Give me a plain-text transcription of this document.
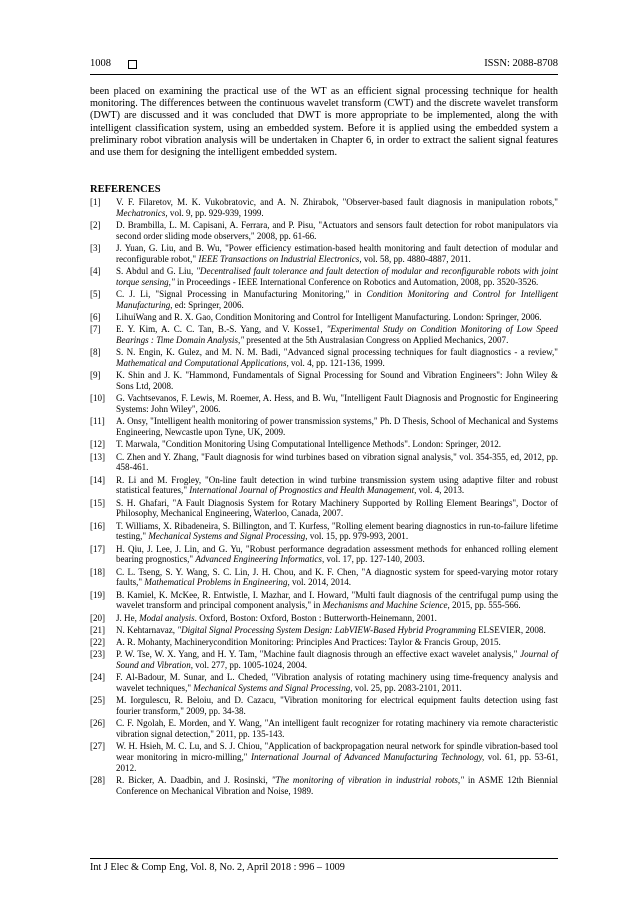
1008	ISSN: 2088-8708

been placed on examining the practical use of the WT as an efficient signal processing technique for health monitoring. The differences between the continuous wavelet transform (CWT) and the discrete wavelet transform (DWT) are discussed and it was concluded that DWT is more appropriate to be implemented, along the with intelligent classification system, using an embedded system. Before it is applied using the embedded system a preliminary robot vibration analysis will be undertaken in Chapter 6, in order to extract the salient signal features and use them for designing the intelligent embedded system.

REFERENCES
[1]	V. F. Filaretov, M. K. Vukobratovic, and A. N. Zhirabok, "Observer-based fault diagnosis in manipulation robots," Mechatronics, vol. 9, pp. 929-939, 1999.
[2]	D. Brambilla, L. M. Capisani, A. Ferrara, and P. Pisu, "Actuators and sensors fault detection for robot manipulators via second order sliding mode observers," 2008, pp. 61-66.
[3]	J. Yuan, G. Liu, and B. Wu, "Power efficiency estimation-based health monitoring and fault detection of modular and reconfigurable robot," IEEE Transactions on Industrial Electronics, vol. 58, pp. 4880-4887, 2011.
[4]	S. Abdul and G. Liu, "Decentralised fault tolerance and fault detection of modular and reconfigurable robots with joint torque sensing," in Proceedings - IEEE International Conference on Robotics and Automation, 2008, pp. 3520-3526.
[5]	C. J. Li, "Signal Processing in Manufacturing Monitoring," in Condition Monitoring and Control for Intelligent Manufacturing, ed: Springer, 2006.
[6]	LihuiWang and R. X. Gao, Condition Monitoring and Control for Intelligent Manufacturing. London: Springer, 2006.
[7]	E. Y. Kim, A. C. C. Tan, B.-S. Yang, and V. Kosse1, "Experimental Study on Condition Monitoring of Low Speed Bearings : Time Domain Analysis," presented at the 5th Australasian Congress on Applied Mechanics, 2007.
[8]	S. N. Engin, K. Gulez, and M. N. M. Badi, "Advanced signal processing techniques for fault diagnostics - a review," Mathematical and Computational Applications, vol. 4, pp. 121-136, 1999.
[9]	K. Shin and J. K. "Hammond, Fundamentals of Signal Processing for Sound and Vibration Engineers": John Wiley & Sons Ltd, 2008.
[10]	G. Vachtsevanos, F. Lewis, M. Roemer, A. Hess, and B. Wu, "Intelligent Fault Diagnosis and Prognostic for Engineering Systems: John Wiley", 2006.
[11]	A. Onsy, "Intelligent health monitoring of power transmission systems," Ph. D Thesis, School of Mechanical and Systems Engineering, Newcastle upon Tyne, UK, 2009.
[12]	T. Marwala, "Condition Monitoring Using Computational Intelligence Methods". London: Springer, 2012.
[13]	C. Zhen and Y. Zhang, "Fault diagnosis for wind turbines based on vibration signal analysis," vol. 354-355, ed, 2012, pp. 458-461.
[14]	R. Li and M. Frogley, "On-line fault detection in wind turbine transmission system using adaptive filter and robust statistical features," International Journal of Prognostics and Health Management, vol. 4, 2013.
[15]	S. H. Ghafari, "A Fault Diagnosis System for Rotary Machinery Supported by Rolling Element Bearings", Doctor of Philosophy, Mechanical Engineering, Waterloo, Canada, 2007.
[16]	T. Williams, X. Ribadeneira, S. Billington, and T. Kurfess, "Rolling element bearing diagnostics in run-to-failure lifetime testing," Mechanical Systems and Signal Processing, vol. 15, pp. 979-993, 2001.
[17]	H. Qiu, J. Lee, J. Lin, and G. Yu, "Robust performance degradation assessment methods for enhanced rolling element bearing prognostics," Advanced Engineering Informatics, vol. 17, pp. 127-140, 2003.
[18]	C. L. Tseng, S. Y. Wang, S. C. Lin, J. H. Chou, and K. F. Chen, "A diagnostic system for speed-varying motor rotary faults," Mathematical Problems in Engineering, vol. 2014, 2014.
[19]	B. Kamiel, K. McKee, R. Entwistle, I. Mazhar, and I. Howard, "Multi fault diagnosis of the centrifugal pump using the wavelet transform and principal component analysis," in Mechanisms and Machine Science, 2015, pp. 555-566.
[20]	J. He, Modal analysis. Oxford, Boston: Oxford, Boston : Butterworth-Heinemann, 2001.
[21]	N. Kehtarnavaz, "Digital Signal Processing System Design: LabVIEW-Based Hybrid Programming ELSEVIER, 2008.
[22]	A. R. Mohanty, Machinerycondition Monitoring: Principles And Practices: Taylor & Francis Group, 2015.
[23]	P. W. Tse, W. X. Yang, and H. Y. Tam, "Machine fault diagnosis through an effective exact wavelet analysis," Journal of Sound and Vibration, vol. 277, pp. 1005-1024, 2004.
[24]	F. Al-Badour, M. Sunar, and L. Cheded, "Vibration analysis of rotating machinery using time-frequency analysis and wavelet techniques," Mechanical Systems and Signal Processing, vol. 25, pp. 2083-2101, 2011.
[25]	M. Iorgulescu, R. Beloiu, and D. Cazacu, "Vibration monitoring for electrical equipment faults detection using fast fourier transform," 2009, pp. 34-38.
[26]	C. F. Ngolah, E. Morden, and Y. Wang, "An intelligent fault recognizer for rotating machinery via remote characteristic vibration signal detection," 2011, pp. 135-143.
[27]	W. H. Hsieh, M. C. Lu, and S. J. Chiou, "Application of backpropagation neural network for spindle vibration-based tool wear monitoring in micro-milling," International Journal of Advanced Manufacturing Technology, vol. 61, pp. 53-61, 2012.
[28]	R. Bicker, A. Daadbin, and J. Rosinski, "The monitoring of vibration in industrial robots," in ASME 12th Biennial Conference on Mechanical Vibration and Noise, 1989.
Int J Elec & Comp Eng, Vol. 8, No. 2, April 2018 : 996 – 1009
